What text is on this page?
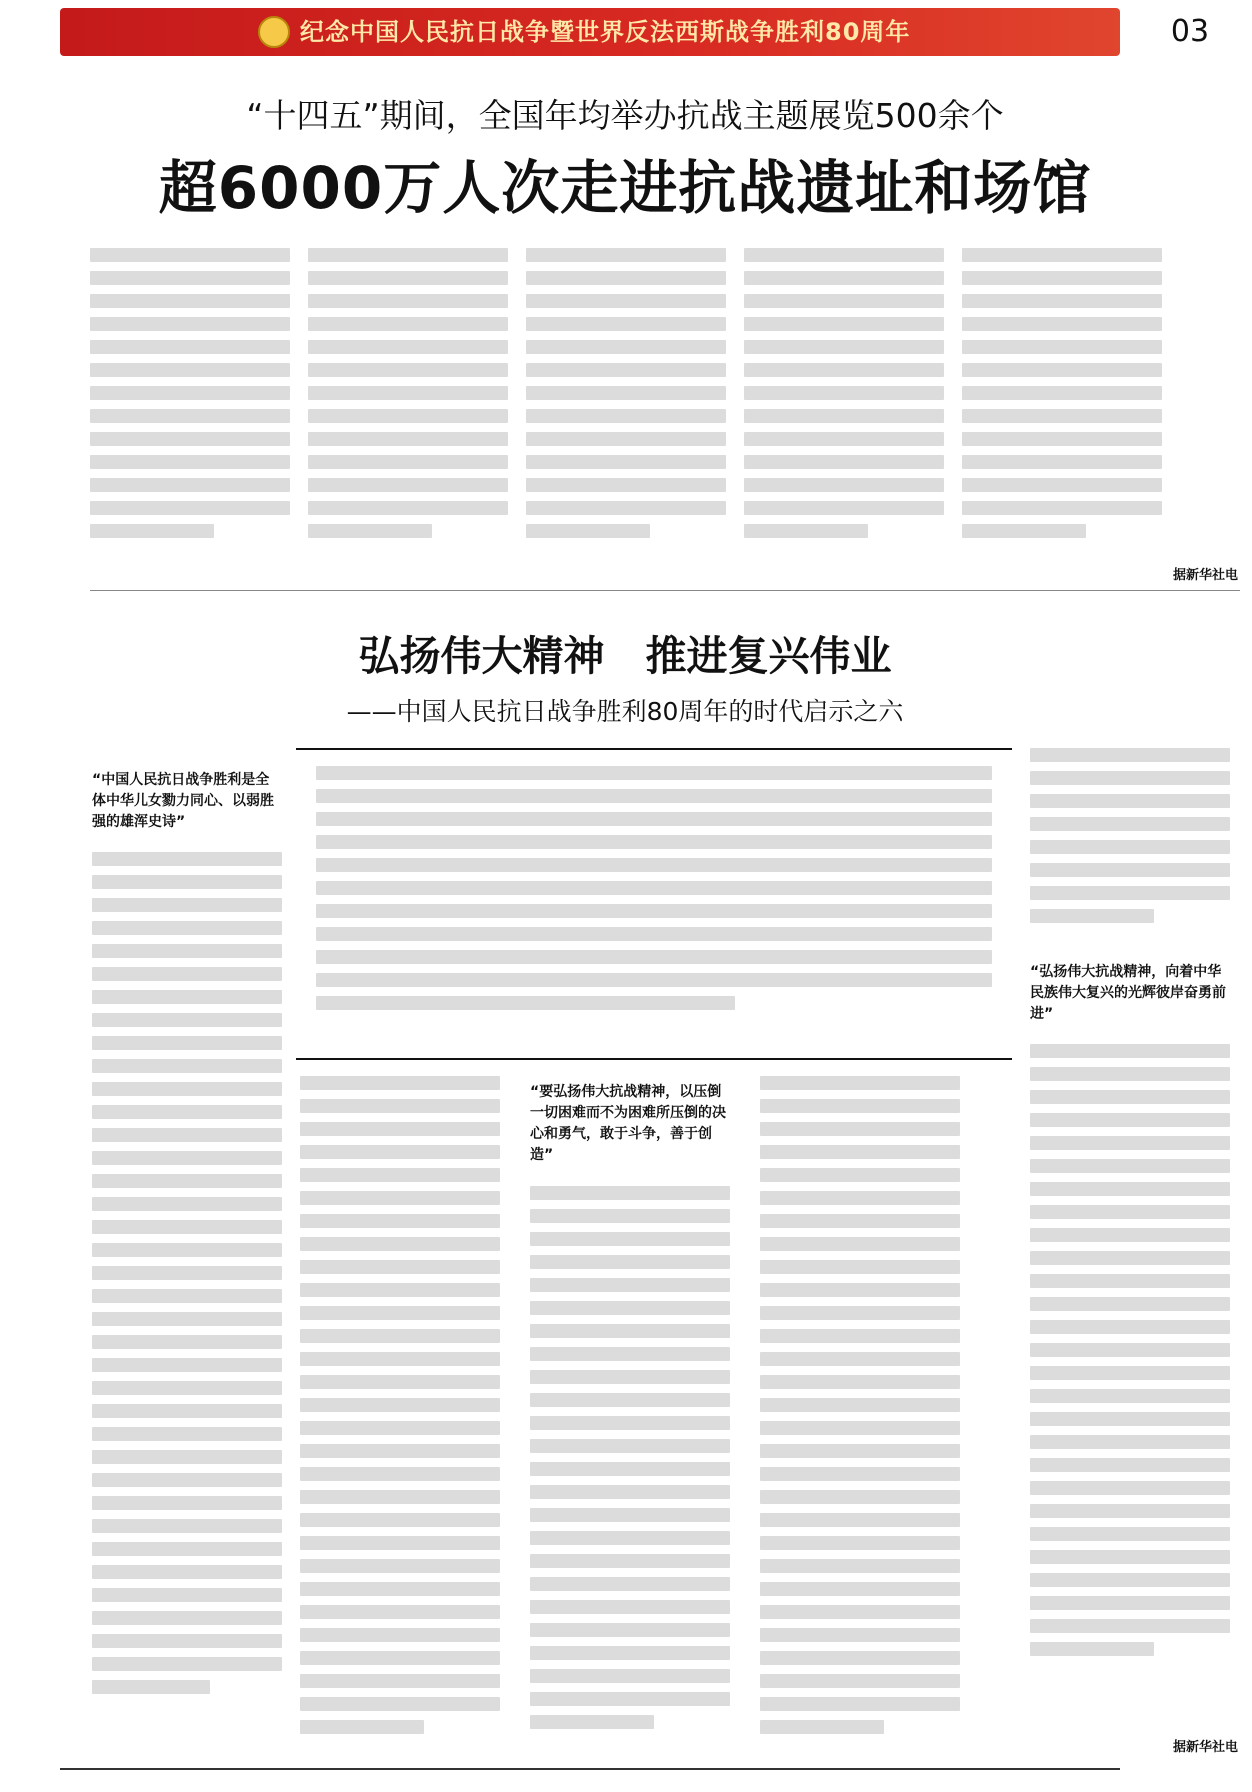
纪念中国人民抗日战争暨世界反法西斯战争胜利80周年	03
“十四五”期间，全国年均举办抗战主题展览500余个
超6000万人次走进抗战遗址和场馆
据新华社电
弘扬伟大精神　推进复兴伟业
——中国人民抗日战争胜利80周年的时代启示之六
“中国人民抗日战争胜利是全体中华儿女勠力同心、以弱胜强的雄浑史诗”
“要弘扬伟大抗战精神，以压倒一切困难而不为困难所压倒的决心和勇气，敢于斗争，善于创造”
“弘扬伟大抗战精神，向着中华民族伟大复兴的光辉彼岸奋勇前进”
据新华社电
